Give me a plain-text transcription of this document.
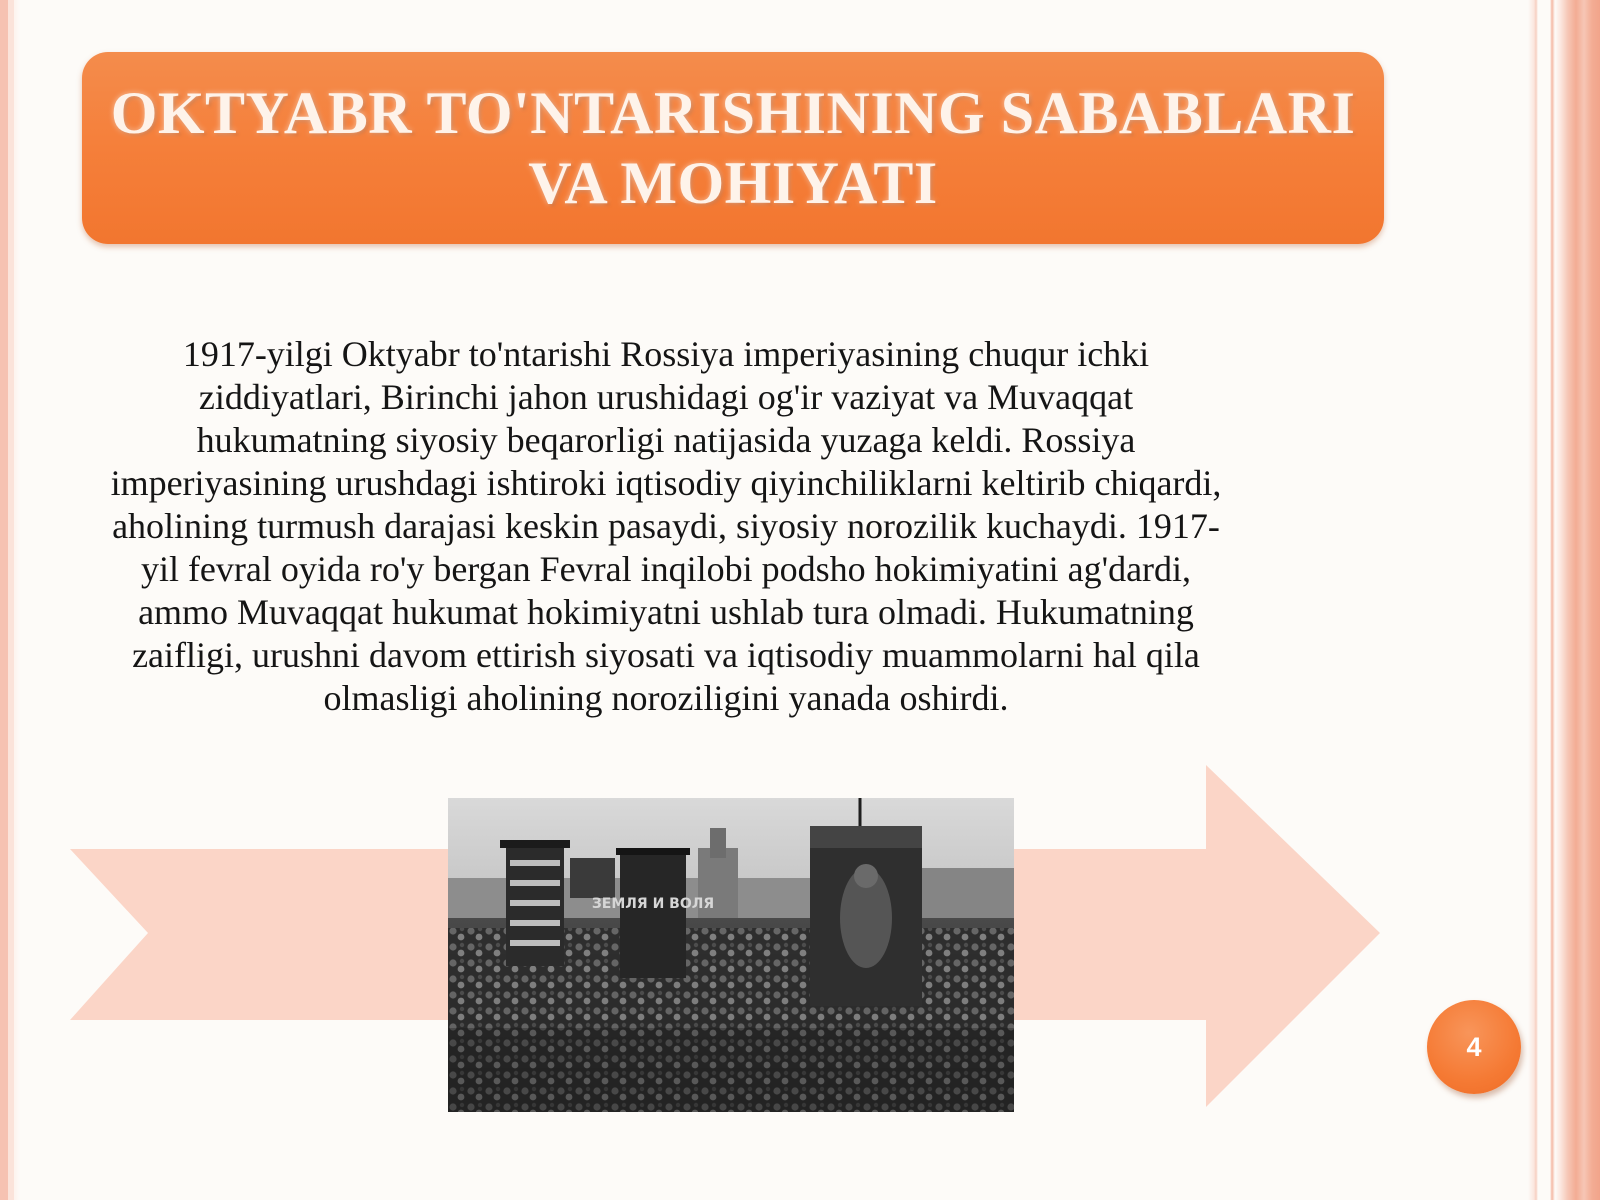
OKTYABR TO'NTARISHINING SABABLARI VA MOHIYATI

1917-yilgi Oktyabr to'ntarishi Rossiya imperiyasining chuqur ichki ziddiyatlari, Birinchi jahon urushidagi og'ir vaziyat va Muvaqqat hukumatning siyosiy beqarorligi natijasida yuzaga keldi. Rossiya imperiyasining urushdagi ishtiroki iqtisodiy qiyinchiliklarni keltirib chiqardi, aholining turmush darajasi keskin pasaydi, siyosiy norozilik kuchaydi. 1917-yil fevral oyida ro'y bergan Fevral inqilobi podsho hokimiyatini ag'dardi, ammo Muvaqqat hukumat hokimiyatni ushlab tura olmadi. Hukumatning zaifligi, urushni davom ettirish siyosati va iqtisodiy muammolarni hal qila olmasligi aholining noroziligini yanada oshirdi.

ЗЕМЛЯ И ВОЛЯ
4
